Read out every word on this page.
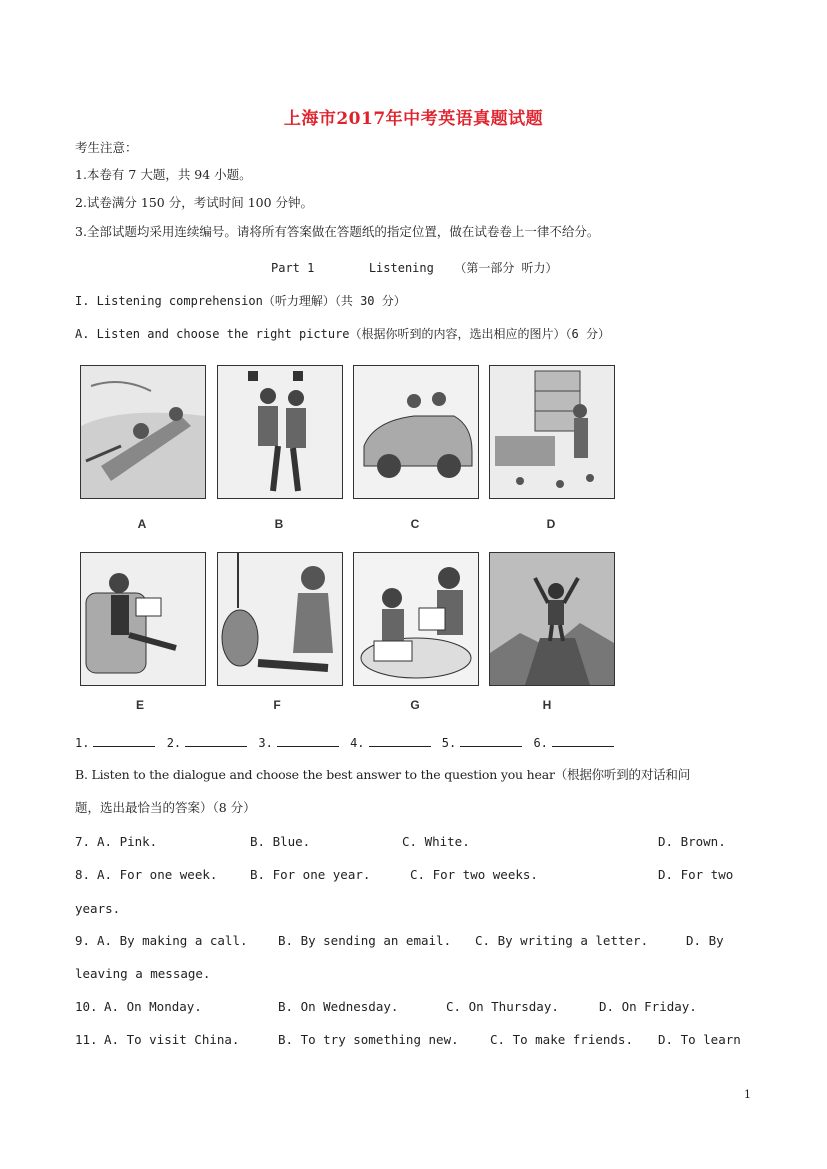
上海市2017年中考英语真题试题
考生注意：
1.本卷有 7 大题，共 94 小题。
2.试卷满分 150 分，考试时间 100 分钟。
3.全部试题均采用连续编号。请将所有答案做在答题纸的指定位置，做在试卷卷上一律不给分。
Part 1	Listening （第一部分 听力）
I. Listening comprehension（听力理解）（共 30 分）
A. Listen and choose the right picture（根据你听到的内容，选出相应的图片）（6 分）
A	B	C	D
E	F	G	H
1.	2.	3.	4.	5.	6.
B. Listen to the dialogue and choose the best answer to the question you hear（根据你听到的对话和问
题，选出最恰当的答案）（8 分）
7. A. Pink.	B. Blue.	C. White.	D. Brown.
8. A. For one week.	B. For one year.	C. For two weeks.	D. For two
years.
9. A. By making a call. B. By sending an email. C. By writing a letter.	D. By
leaving a message.
10. A. On Monday.	B. On Wednesday.	C. On Thursday.	D. On Friday.
11. A. To visit China.	B. To try something new.	C. To make friends. D. To learn
1
